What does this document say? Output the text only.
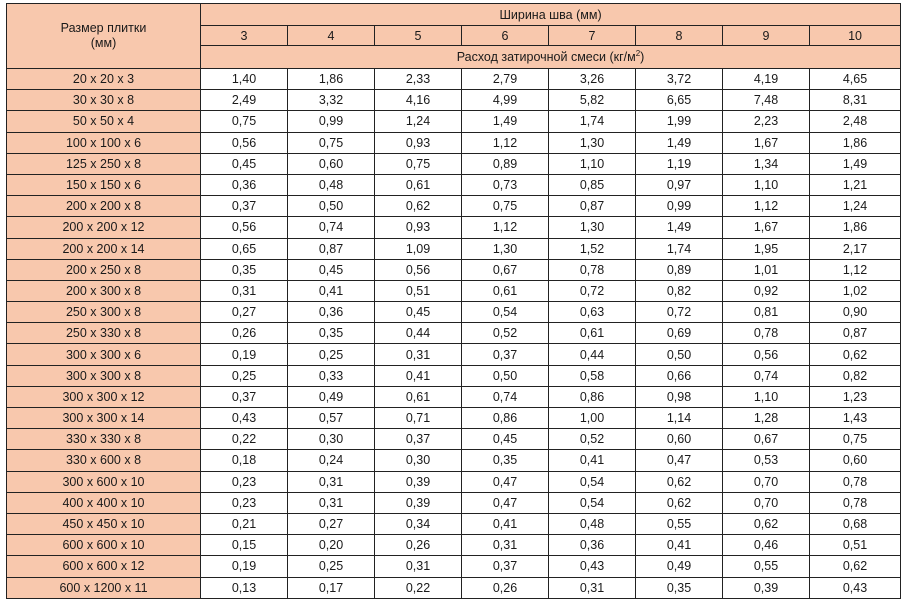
Размер плитки
(мм)	Ширина шва (мм)							
	3	4	5	6	7	8	9	10
	Расход затирочной смеси $(кг/м^2)$							
20 x 20 x 3	1,40	1,86	2,33	2,79	3,26	3,72	4,19	4,65
30 x 30 x 8	2,49	3,32	4,16	4,99	5,82	6,65	7,48	8,31
50 x 50 x 4	0,75	0,99	1,24	1,49	1,74	1,99	2,23	2,48
100 x 100 x 6	0,56	0,75	0,93	1,12	1,30	1,49	1,67	1,86
125 x 250 x 8	0,45	0,60	0,75	0,89	1,10	1,19	1,34	1,49
150 x 150 x 6	0,36	0,48	0,61	0,73	0,85	0,97	1,10	1,21
200 x 200 x 8	0,37	0,50	0,62	0,75	0,87	0,99	1,12	1,24
200 x 200 x 12	0,56	0,74	0,93	1,12	1,30	1,49	1,67	1,86
200 x 200 x 14	0,65	0,87	1,09	1,30	1,52	1,74	1,95	2,17
200 x 250 x 8	0,35	0,45	0,56	0,67	0,78	0,89	1,01	1,12
200 x 300 x 8	0,31	0,41	0,51	0,61	0,72	0,82	0,92	1,02
250 x 300 x 8	0,27	0,36	0,45	0,54	0,63	0,72	0,81	0,90
250 x 330 x 8	0,26	0,35	0,44	0,52	0,61	0,69	0,78	0,87
300 x 300 x 6	0,19	0,25	0,31	0,37	0,44	0,50	0,56	0,62
300 x 300 x 8	0,25	0,33	0,41	0,50	0,58	0,66	0,74	0,82
300 x 300 x 12	0,37	0,49	0,61	0,74	0,86	0,98	1,10	1,23
300 x 300 x 14	0,43	0,57	0,71	0,86	1,00	1,14	1,28	1,43
330 x 330 x 8	0,22	0,30	0,37	0,45	0,52	0,60	0,67	0,75
330 x 600 x 8	0,18	0,24	0,30	0,35	0,41	0,47	0,53	0,60
300 x 600 x 10	0,23	0,31	0,39	0,47	0,54	0,62	0,70	0,78
400 x 400 x 10	0,23	0,31	0,39	0,47	0,54	0,62	0,70	0,78
450 x 450 x 10	0,21	0,27	0,34	0,41	0,48	0,55	0,62	0,68
600 x 600 x 10	0,15	0,20	0,26	0,31	0,36	0,41	0,46	0,51
600 x 600 x 12	0,19	0,25	0,31	0,37	0,43	0,49	0,55	0,62
600 x 1200 x 11	0,13	0,17	0,22	0,26	0,31	0,35	0,39	0,43
